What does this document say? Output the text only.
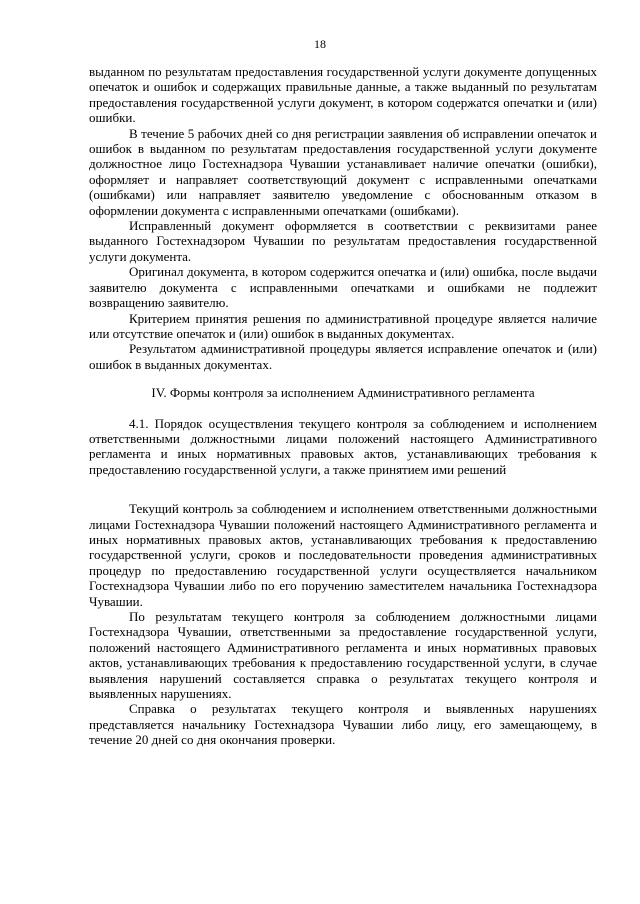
18

выданном по результатам предоставления государственной услуги документе допущенных опечаток и ошибок и содержащих правильные данные, а также выданный по результатам предоставления государственной услуги документ, в котором содержатся опечатки и (или) ошибки.

В течение 5 рабочих дней со дня регистрации заявления об исправлении опечаток и ошибок в выданном по результатам предоставления государственной услуги документе должностное лицо Гостехнадзора Чувашии устанавливает наличие опечатки (ошибки), оформляет и направляет соответствующий документ с исправленными опечатками (ошибками) или направляет заявителю уведомление с обоснованным отказом в оформлении документа с исправленными опечатками (ошибками).

Исправленный документ оформляется в соответствии с реквизитами ранее выданного Гостехнадзором Чувашии по результатам предоставления государственной услуги документа.

Оригинал документа, в котором содержится опечатка и (или) ошибка, после выдачи заявителю документа с исправленными опечатками и ошибками не подлежит возвращению заявителю.

Критерием принятия решения по административной процедуре является наличие или отсутствие опечаток и (или) ошибок в выданных документах.

Результатом административной процедуры является исправление опечаток и (или) ошибок в выданных документах.

IV. Формы контроля за исполнением Административного регламента

4.1. Порядок осуществления текущего контроля за соблюдением и исполнением ответственными должностными лицами положений настоящего Административного регламента и иных нормативных правовых актов, устанавливающих требования к предоставлению государственной услуги, а также принятием ими решений

Текущий контроль за соблюдением и исполнением ответственными должностными лицами Гостехнадзора Чувашии положений настоящего Административного регламента и иных нормативных правовых актов, устанавливающих требования к предоставлению государственной услуги, сроков и последовательности проведения административных процедур по предоставлению государственной услуги осуществляется начальником Гостехнадзора Чувашии либо по его поручению заместителем начальника Гостехнадзора Чувашии.

По результатам текущего контроля за соблюдением должностными лицами Гостехнадзора Чувашии, ответственными за предоставление государственной услуги, положений настоящего Административного регламента и иных нормативных правовых актов, устанавливающих требования к предоставлению государственной услуги, в случае выявления нарушений составляется справка о результатах текущего контроля и выявленных нарушениях.

Справка о результатах текущего контроля и выявленных нарушениях представляется начальнику Гостехнадзора Чувашии либо лицу, его замещающему, в течение 20 дней со дня окончания проверки.
